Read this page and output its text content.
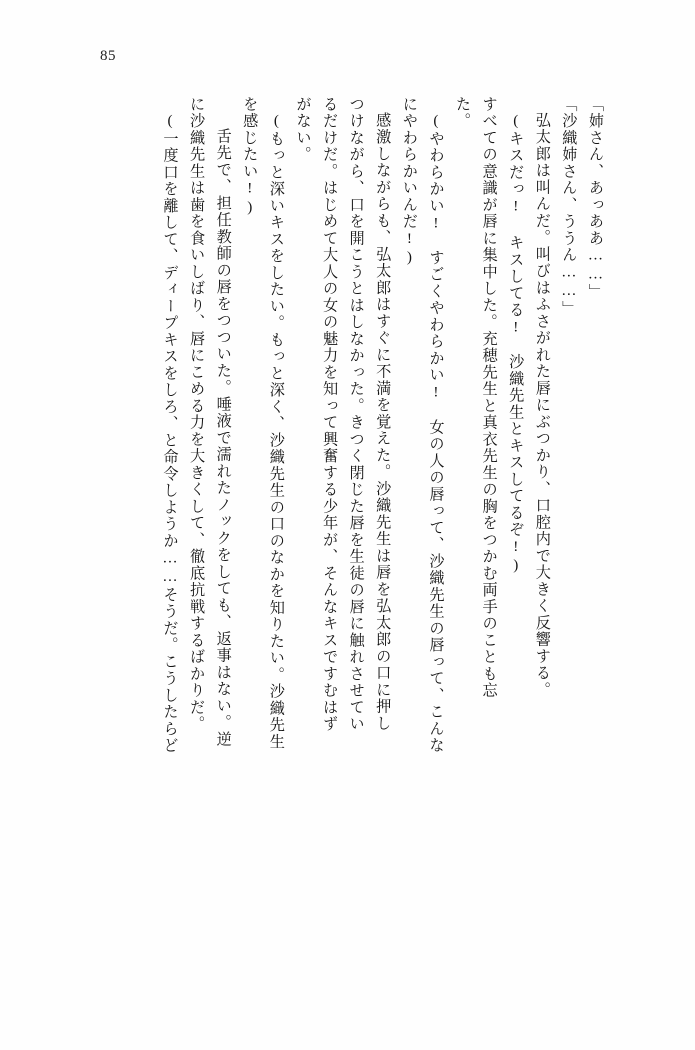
85
「姉さん、あっああ……」
「沙織姉さん、ううん……」
弘太郎は叫んだ。叫びはふさがれた唇にぶつかり、口腔内で大きく反響する。
(キスだっ! キスしてる!　沙織先生とキスしてるぞ!)
すべての意識が唇に集中した。充穂先生と真衣先生の胸をつかむ両手のことも忘
た。
(やわらかい!　すごくやわらかい!　女の人の唇って、沙織先生の唇って、こんな
にやわらかいんだ!)
感激しながらも、弘太郎はすぐに不満を覚えた。沙織先生は唇を弘太郎の口に押し
つけながら、口を開こうとはしなかった。きつく閉じた唇を生徒の唇に触れさせてい
るだけだ。はじめて大人の女の魅力を知って興奮する少年が、そんなキスですむはず
がない。
(もっと深いキスをしたい。もっと深く、沙織先生の口のなかを知りたい。沙織先生
を感じたい!)
舌先で、担任教師の唇をつついた。唾液で濡れたノックをしても、返事はない。逆
に沙織先生は歯を食いしばり、唇にこめる力を大きくして、徹底抗戦するばかりだ。
(一度口を離して、ディープキスをしろ、と命令しようか……そうだ。こうしたらど
